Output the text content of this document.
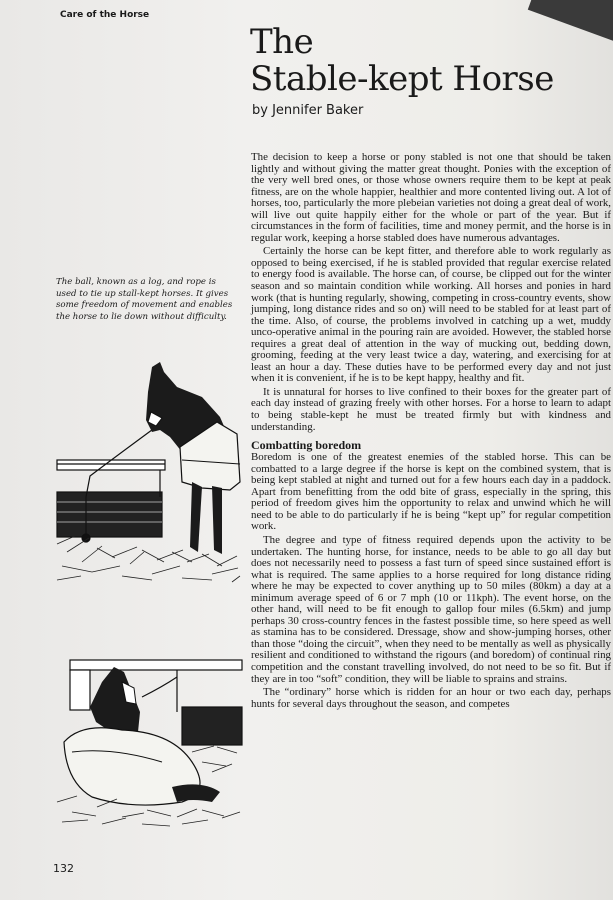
Care of the Horse
The
Stable-kept Horse
by Jennifer Baker

The ball, known as a log, and rope is used to tie up stall-kept horses. It gives some freedom of movement and enables the horse to lie down without difficulty.

The decision to keep a horse or pony stabled is not one that should be taken lightly and without giving the matter great thought. Ponies with the exception of the very well bred ones, or those whose owners require them to be kept at peak fitness, are on the whole happier, healthier and more contented living out. A lot of horses, too, particularly the more plebeian varieties not doing a great deal of work, will live out quite happily either for the whole or part of the year. But if circumstances in the form of facilities, time and money permit, and the horse is in regular work, keeping a horse stabled does have numerous advantages.

Certainly the horse can be kept fitter, and therefore able to work regularly as opposed to being exercised, if he is stabled provided that regular exercise related to energy food is available. The horse can, of course, be clipped out for the winter season and so maintain condition while working. All horses and ponies in hard work (that is hunting regularly, showing, competing in cross-country events, show jumping, long distance rides and so on) will need to be stabled for at least part of the time. Also, of course, the problems involved in catching up a wet, muddy unco-operative animal in the pouring rain are avoided. However, the stabled horse requires a great deal of attention in the way of mucking out, bedding down, grooming, feeding at the very least twice a day, watering, and exercising for at least an hour a day. These duties have to be performed every day and not just when it is convenient, if he is to be kept happy, healthy and fit.

It is unnatural for horses to live confined to their boxes for the greater part of each day instead of grazing freely with other horses. For a horse to learn to adapt to being stable-kept he must be treated firmly but with kindness and understanding.

Combatting boredom

Boredom is one of the greatest enemies of the stabled horse. This can be combatted to a large degree if the horse is kept on the combined system, that is being kept stabled at night and turned out for a few hours each day in a paddock. Apart from benefitting from the odd bite of grass, especially in the spring, this period of freedom gives him the opportunity to relax and unwind which he will need to be able to do particularly if he is being “kept up” for regular competition work.

The degree and type of fitness required depends upon the activity to be undertaken. The hunting horse, for instance, needs to be able to go all day but does not necessarily need to possess a fast turn of speed since sustained effort is what is required. The same applies to a horse required for long distance riding where he may be expected to cover anything up to 50 miles (80km) a day at a minimum average speed of 6 or 7 mph (10 or 11kph). The event horse, on the other hand, will need to be fit enough to gallop four miles (6.5km) and jump perhaps 30 cross-country fences in the fastest possible time, so here speed as well as stamina has to be considered. Dressage, show and show-jumping horses, other than those “doing the circuit”, when they need to be mentally as well as physically resilient and conditioned to withstand the rigours (and boredom) of continual ring competition and the constant travelling involved, do not need to be so fit. But if they are in too “soft” condition, they will be liable to sprains and strains.

The “ordinary” horse which is ridden for an hour or two each day, perhaps hunts for several days throughout the season, and competes

132
